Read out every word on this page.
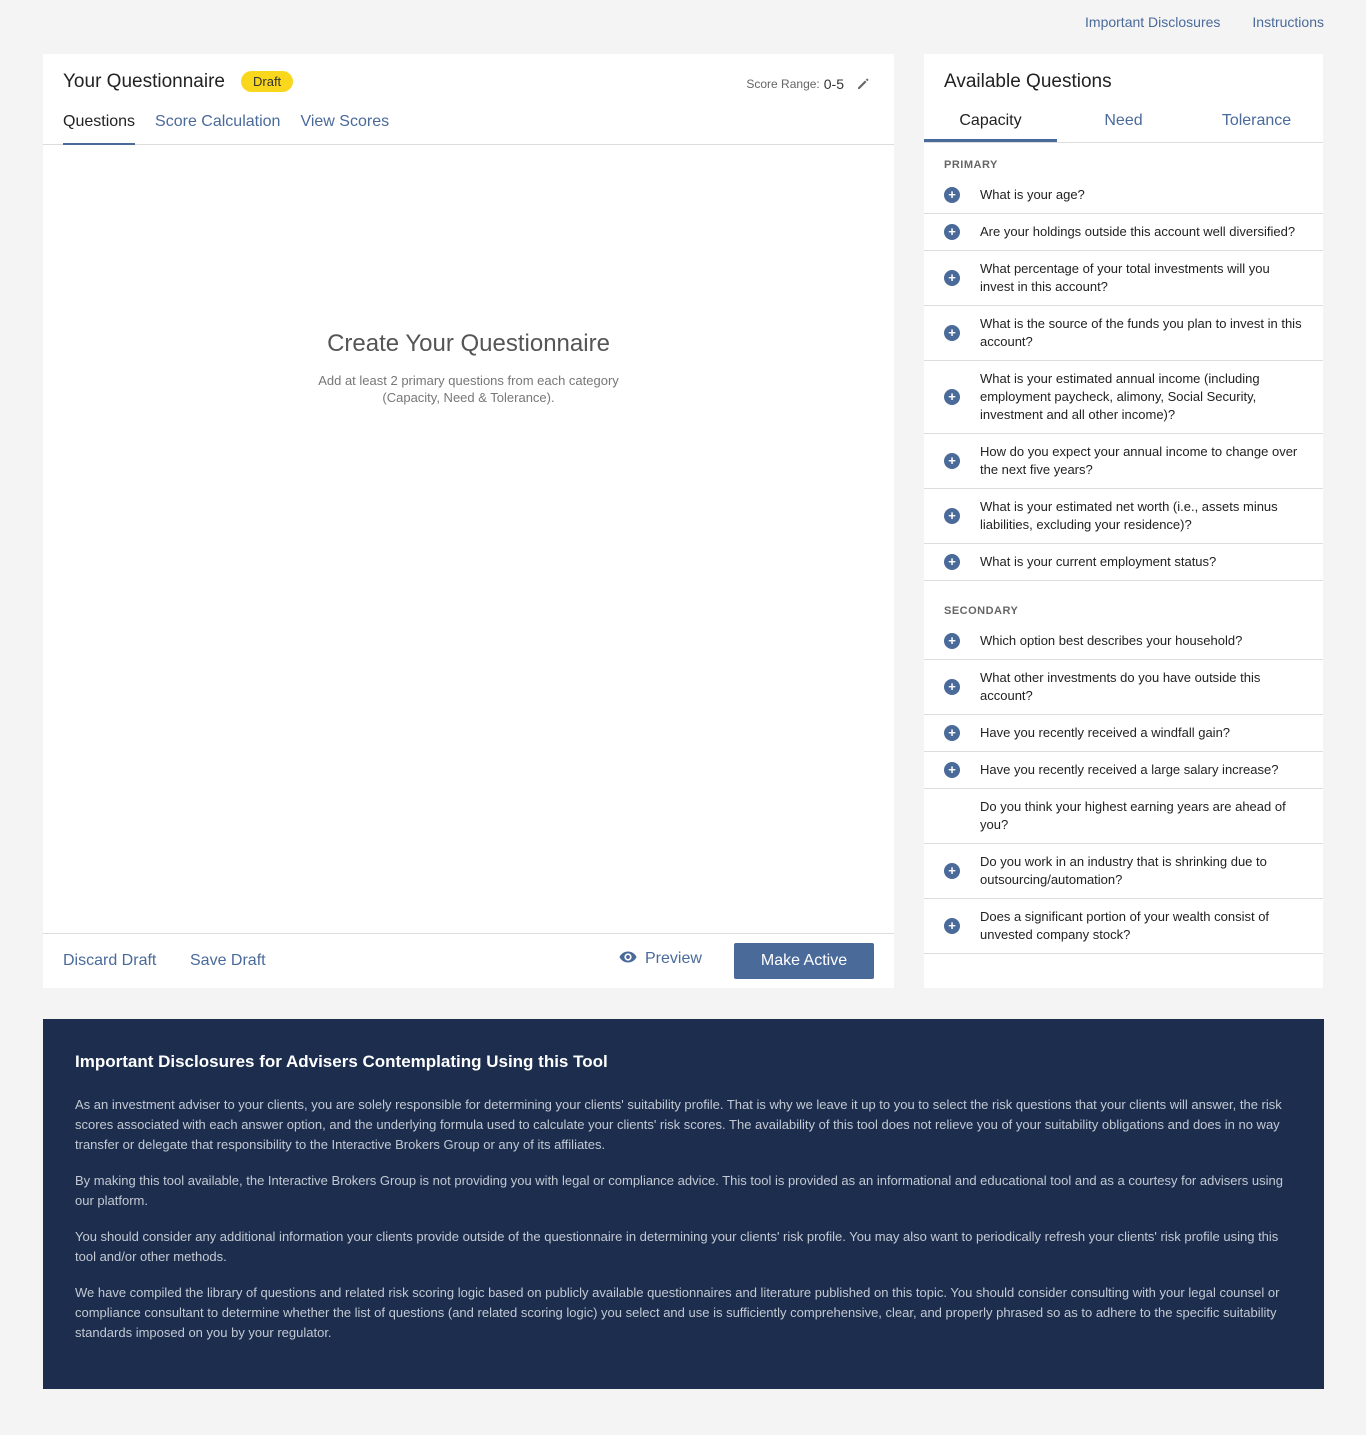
Important Disclosures Instructions
Your Questionnaire	Draft	Score Range: 0-5
Questions Score Calculation View Scores
Create Your Questionnaire
Add at least 2 primary questions from each category
(Capacity, Need & Tolerance).
Discard Draft Save Draft	Preview	Make Active
Available Questions
Capacity	Need	Tolerance
PRIMARY
+	What is your age?
+	Are your holdings outside this account well diversified?
+
What percentage of your total investments will you invest in this account?
+
What is the source of the funds you plan to invest in this account?
+
What is your estimated annual income (including employment paycheck, alimony, Social Security, investment and all other income)?
+
How do you expect your annual income to change over the next five years?
+
What is your estimated net worth (i.e., assets minus liabilities, excluding your residence)?
+	What is your current employment status?
SECONDARY
+	Which option best describes your household?
+
What other investments do you have outside this account?
+	Have you recently received a windfall gain?
+	Have you recently received a large salary increase?
Do you think your highest earning years are ahead of you?
+
Do you work in an industry that is shrinking due to outsourcing/automation?
+
Does a significant portion of your wealth consist of unvested company stock?
Important Disclosures for Advisers Contemplating Using this Tool
As an investment adviser to your clients, you are solely responsible for determining your clients' suitability profile. That is why we leave it up to you to select the risk questions that your clients will answer, the risk scores associated with each answer option, and the underlying formula used to calculate your clients' risk scores. The availability of this tool does not relieve you of your suitability obligations and does in no way transfer or delegate that responsibility to the Interactive Brokers Group or any of its affiliates.
By making this tool available, the Interactive Brokers Group is not providing you with legal or compliance advice. This tool is provided as an informational and educational tool and as a courtesy for advisers using our platform.
You should consider any additional information your clients provide outside of the questionnaire in determining your clients' risk profile. You may also want to periodically refresh your clients' risk profile using this tool and/or other methods.
We have compiled the library of questions and related risk scoring logic based on publicly available questionnaires and literature published on this topic. You should consider consulting with your legal counsel or compliance consultant to determine whether the list of questions (and related scoring logic) you select and use is sufficiently comprehensive, clear, and properly phrased so as to adhere to the specific suitability standards imposed on you by your regulator.
